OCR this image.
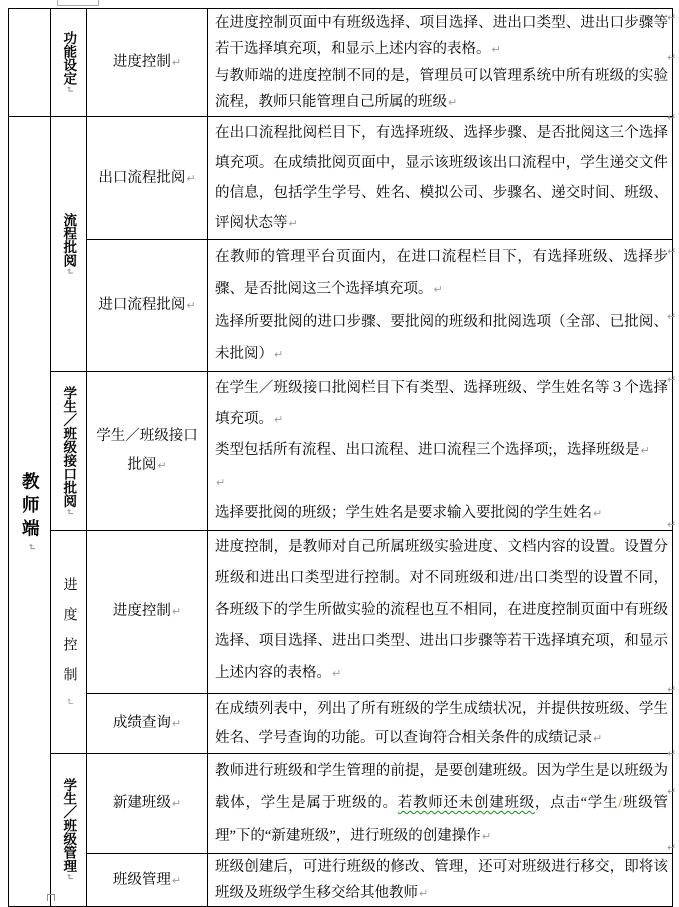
	功能设定↵	进度控制↵	在进度控制页面中有班级选择、项目选择、进出口类型、进出口步骤等若干选择填充项，和显示上述内容的表格。↵

与教师端的进度控制不同的是，管理员可以管理系统中所有班级的实验流程，教师只能管理自己所属的班级↵

教师端↵	流程批阅↵	出口流程批阅↵	在出口流程批阅栏目下，有选择班级、选择步骤、是否批阅这三个选择填充项。在成绩批阅页面中，显示该班级该出口流程中，学生递交文件的信息，包括学生学号、姓名、模拟公司、步骤名、递交时间、班级、评阅状态等↵

		进口流程批阅↵	在教师的管理平台页面内，在进口流程栏目下，有选择班级、选择步骤、是否批阅这三个选择填充项。↵

选择所要批阅的进口步骤、要批阅的班级和批阅选项（全部、已批阅、未批阅）↵

	学生／班级接口批阅↵	学生／班级接口批阅↵	在学生／班级接口批阅栏目下有类型、选择班级、学生姓名等３个选择填充项。↵

类型包括所有流程、出口流程、进口流程三个选择项;，选择班级是↵

↵

选择要批阅的班级；学生姓名是要求输入要批阅的学生姓名↵

	进度控制↵	进度控制↵	进度控制，是教师对自己所属班级实验进度、文档内容的设置。设置分班级和进出口类型进行控制。对不同班级和进/出口类型的设置不同，各班级下的学生所做实验的流程也互不相同，在进度控制页面中有班级选择、项目选择、进出口类型、进出口步骤等若干选择填充项，和显示上述内容的表格。↵

		成绩查询↵	在成绩列表中，列出了所有班级的学生成绩状况，并提供按班级、学生姓名、学号查询的功能。可以查询符合相关条件的成绩记录↵

	学生／班级管理↵	新建班级↵	教师进行班级和学生管理的前提，是要创建班级。因为学生是以班级为载体，学生是属于班级的。若教师还未创建班级，点击“学生/班级管理”下的“新建班级”，进行班级的创建操作↵

		班级管理↵	班级创建后，可进行班级的修改、管理，还可对班级进行移交，即将该班级及班级学生移交给其他教师↵

↵
↵
↵
↵
↵
↵
↵
↵
↵
↵
↵
